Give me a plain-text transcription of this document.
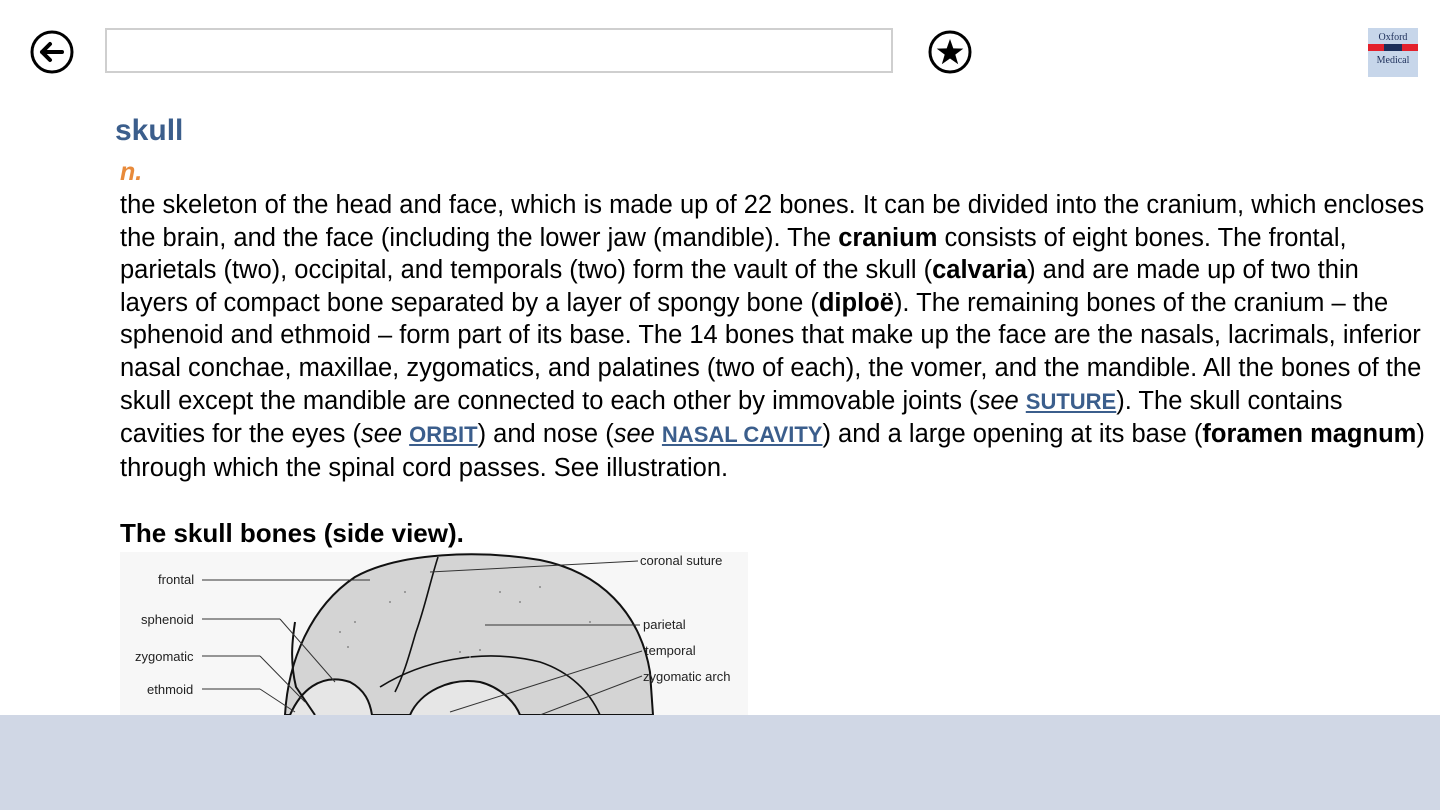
Oxford
Medical
skull
n.

the skeleton of the head and face, which is made up of 22 bones. It can be divided into the cranium, which encloses the brain, and the face (including the lower jaw (mandible). The cranium consists of eight bones. The frontal, parietals (two), occipital, and temporals (two) form the vault of the skull (calvaria) and are made up of two thin layers of compact bone separated by a layer of spongy bone (diploë). The remaining bones of the cranium – the sphenoid and ethmoid – form part of its base. The 14 bones that make up the face are the nasals, lacrimals, inferior nasal conchae, maxillae, zygomatics, and palatines (two of each), the vomer, and the mandible. All the bones of the skull except the mandible are connected to each other by immovable joints (see SUTURE). The skull contains cavities for the eyes (see ORBIT) and nose (see NASAL CAVITY) and a large opening at its base (foramen magnum) through which the spinal cord passes. See illustration.

The skull bones (side view).
frontal
sphenoid
zygomatic
ethmoid
coronal suture
parietal
temporal
zygomatic arch
